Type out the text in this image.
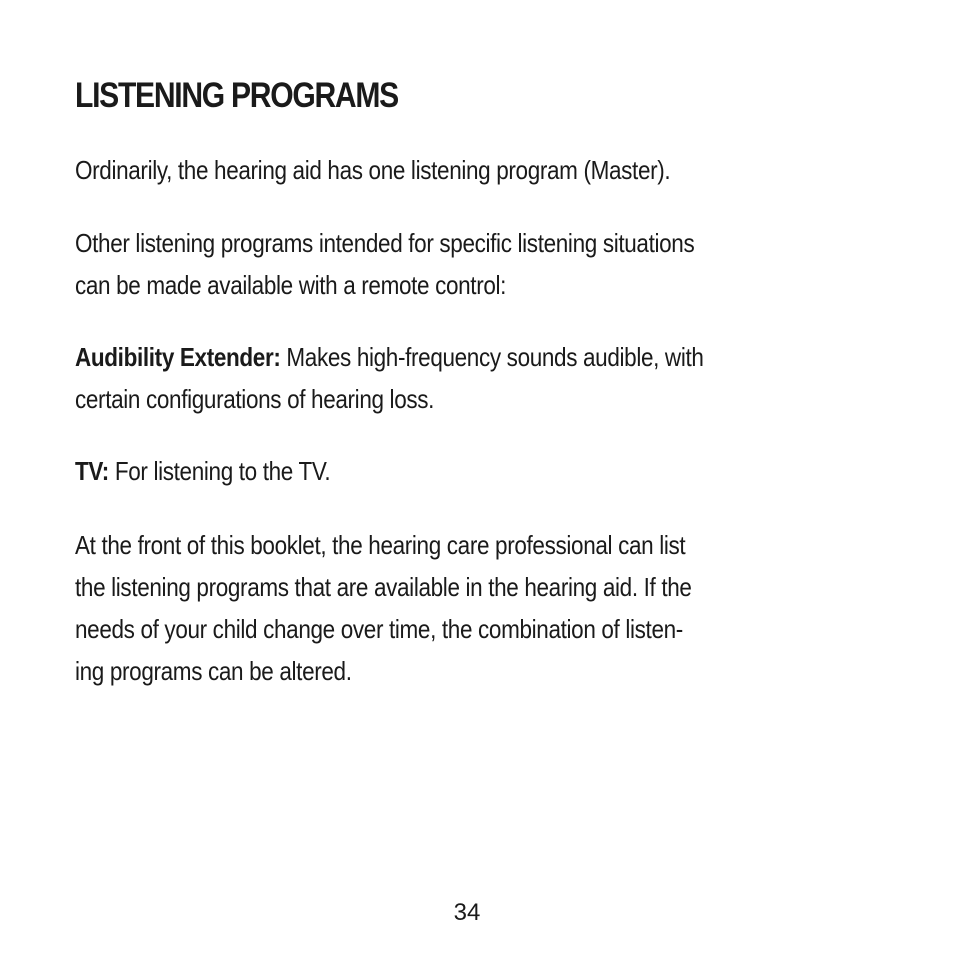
LISTENING PROGRAMS

Ordinarily, the hearing aid has one listening program (Master).

Other listening programs intended for specific listening situations
can be made available with a remote control:

Audibility Extender: Makes high-frequency sounds audible, with
certain configurations of hearing loss.

TV: For listening to the TV.

At the front of this booklet, the hearing care professional can list
the listening programs that are available in the hearing aid. If the
needs of your child change over time, the combination of listen-
ing programs can be altered.

34
